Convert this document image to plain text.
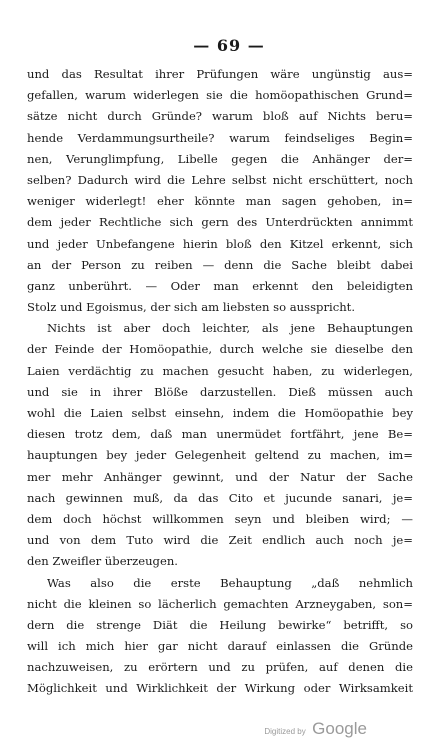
— 69 —
und das Resultat ihrer Prüfungen wäre ungünstig aus=
gefallen, warum widerlegen sie die homöopathischen Grund=
sätze nicht durch Gründe? warum bloß auf Nichts beru=
hende Verdammungsurtheile? warum feindseliges Begin=
nen, Verunglimpfung, Libelle gegen die Anhänger der=
selben? Dadurch wird die Lehre selbst nicht erschüttert, noch
weniger widerlegt! eher könnte man sagen gehoben, in=
dem jeder Rechtliche sich gern des Unterdrückten annimmt
und jeder Unbefangene hierin bloß den Kitzel erkennt, sich
an der Person zu reiben — denn die Sache bleibt dabei
ganz unberührt. — Oder man erkennt den beleidigten
Stolz und Egoismus, der sich am liebsten so ausspricht.
Nichts ist aber doch leichter, als jene Behauptungen
der Feinde der Homöopathie, durch welche sie dieselbe den
Laien verdächtig zu machen gesucht haben, zu widerlegen,
und sie in ihrer Blöße darzustellen. Dieß müssen auch
wohl die Laien selbst einsehn, indem die Homöopathie bey
diesen trotz dem, daß man unermüdet fortfährt, jene Be=
hauptungen bey jeder Gelegenheit geltend zu machen, im=
mer mehr Anhänger gewinnt, und der Natur der Sache
nach gewinnen muß, da das Cito et jucunde sanari, je=
dem doch höchst willkommen seyn und bleiben wird; —
und von dem Tuto wird die Zeit endlich auch noch je=
den Zweifler überzeugen.
Was also die erste Behauptung „daß nehmlich
nicht die kleinen so lächerlich gemachten Arzneygaben, son=
dern die strenge Diät die Heilung bewirke“ betrifft, so
will ich mich hier gar nicht darauf einlassen die Gründe
nachzuweisen, zu erörtern und zu prüfen, auf denen die
Möglichkeit und Wirklichkeit der Wirkung oder Wirksamkeit
Digitized by Google
